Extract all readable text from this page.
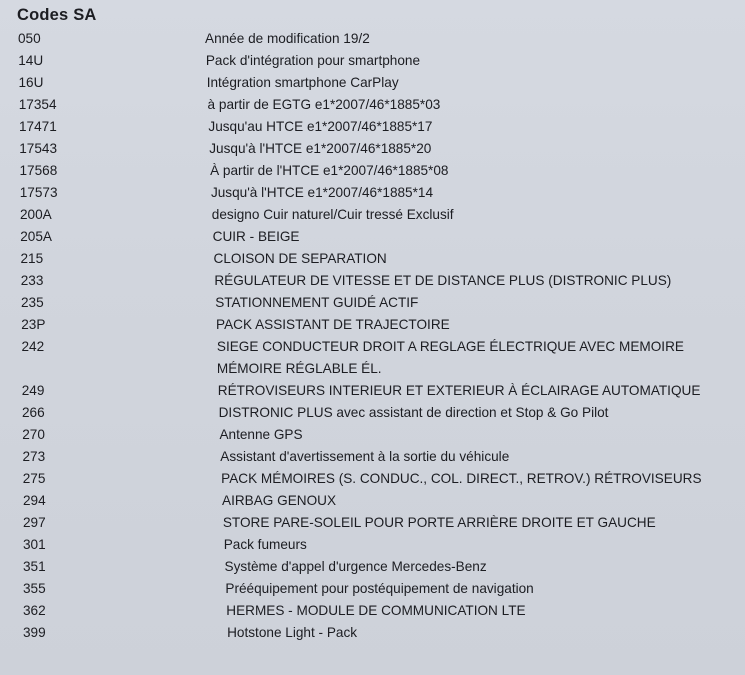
Codes SA
050	Année de modification 19/2
14U	Pack d'intégration pour smartphone
16U	Intégration smartphone CarPlay
17354	à partir de EGTG e1*2007/46*1885*03
17471	Jusqu'au HTCE e1*2007/46*1885*17
17543	Jusqu'à l'HTCE e1*2007/46*1885*20
17568	À partir de l'HTCE e1*2007/46*1885*08
17573	Jusqu'à l'HTCE e1*2007/46*1885*14
200A	designo Cuir naturel/Cuir tressé Exclusif
205A	CUIR - BEIGE
215	CLOISON DE SEPARATION
233	RÉGULATEUR DE VITESSE ET DE DISTANCE PLUS (DISTRONIC PLUS)
235	STATIONNEMENT GUIDÉ ACTIF
23P	PACK ASSISTANT DE TRAJECTOIRE
242	SIEGE CONDUCTEUR DROIT A REGLAGE ÉLECTRIQUE AVEC MEMOIRE MÉMOIRE RÉGLABLE ÉL.
249	RÉTROVISEURS INTERIEUR ET EXTERIEUR À ÉCLAIRAGE AUTOMATIQUE
266	DISTRONIC PLUS avec assistant de direction et Stop & Go Pilot
270	Antenne GPS
273	Assistant d'avertissement à la sortie du véhicule
275	PACK MÉMOIRES (S. CONDUC., COL. DIRECT., RETROV.) RÉTROVISEURS
294	AIRBAG GENOUX
297	STORE PARE-SOLEIL POUR PORTE ARRIÈRE DROITE ET GAUCHE
301	Pack fumeurs
351	Système d'appel d'urgence Mercedes-Benz
355	Prééquipement pour postéquipement de navigation
362	HERMES - MODULE DE COMMUNICATION LTE
399	Hotstone Light - Pack
